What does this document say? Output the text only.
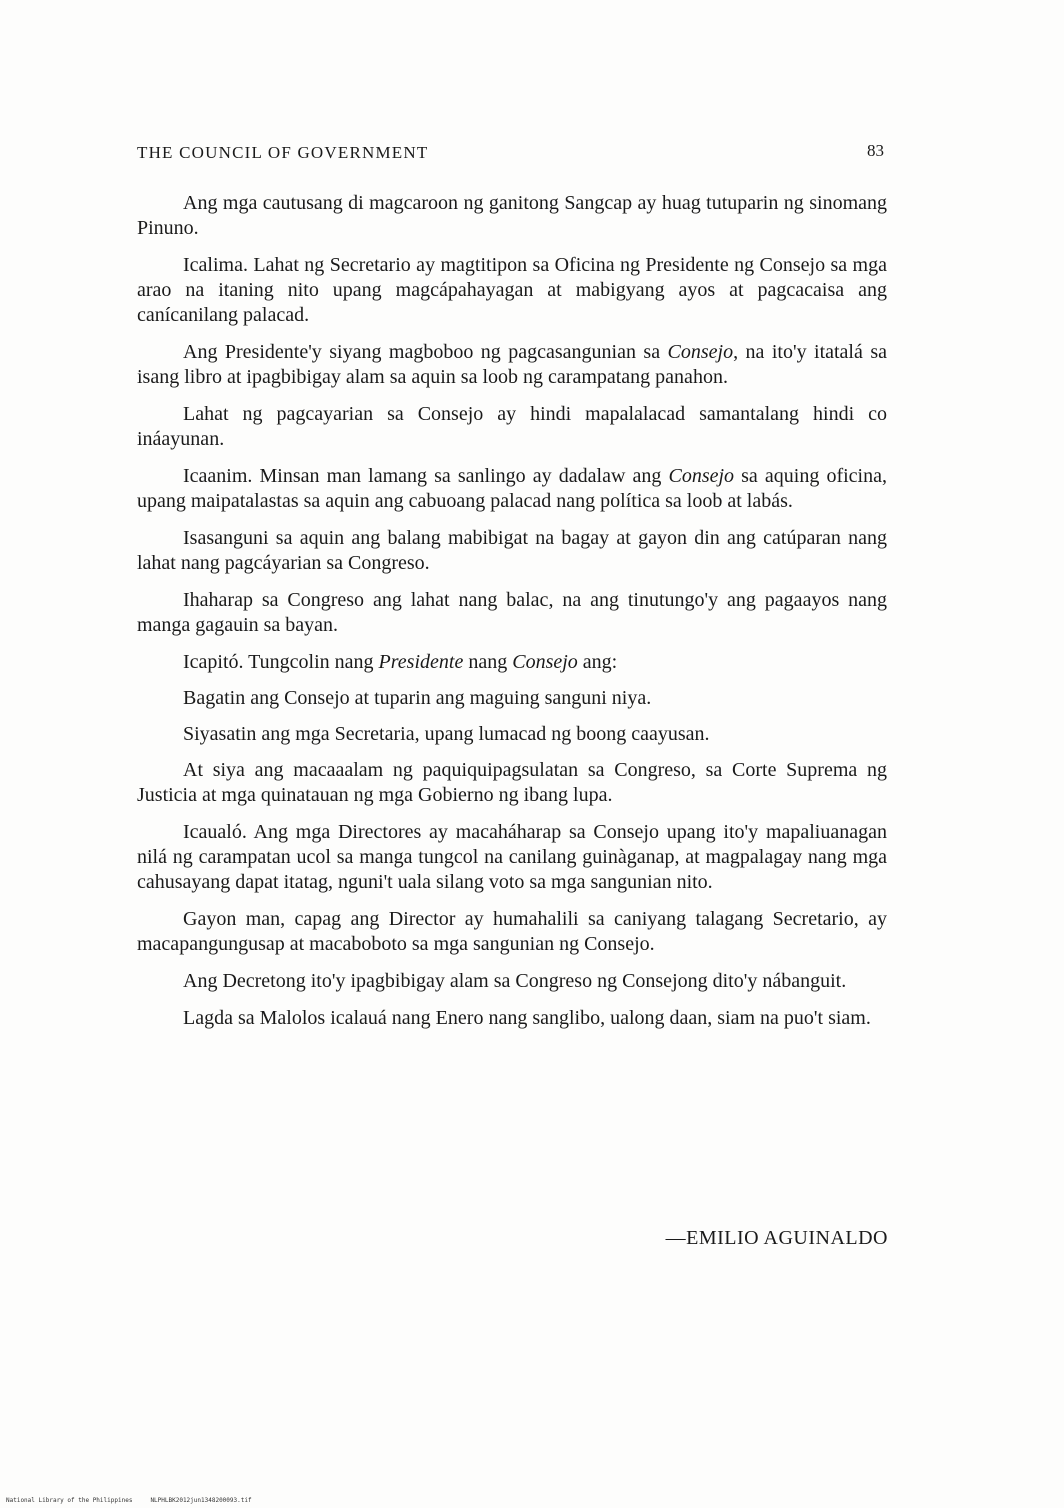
THE COUNCIL OF GOVERNMENT	83

Ang mga cautusang di magcaroon ng ganitong Sangcap ay huag tutuparin ng sinomang Pinuno.

Icalima. Lahat ng Secretario ay magtitipon sa Oficina ng Presidente ng Consejo sa mga arao na itaning nito upang magcápahayagan at mabigyang ayos at pagcacaisa ang canícanilang palacad.

Ang Presidente'y siyang magboboo ng pagcasangunian sa Consejo, na ito'y itatalá sa isang libro at ipagbibigay alam sa aquin sa loob ng carampatang panahon.

Lahat ng pagcayarian sa Consejo ay hindi mapalalacad samantalang hindi co ináayunan.

Icaanim. Minsan man lamang sa sanlingo ay dadalaw ang Consejo sa aquing oficina, upang maipatalastas sa aquin ang cabuoang palacad nang política sa loob at labás.

Isasanguni sa aquin ang balang mabibigat na bagay at gayon din ang catúparan nang lahat nang pagcáyarian sa Congreso.

Ihaharap sa Congreso ang lahat nang balac, na ang tinutungo'y ang pagaayos nang manga gagauin sa bayan.

Icapitó. Tungcolin nang Presidente nang Consejo ang:

Bagatin ang Consejo at tuparin ang maguing sanguni niya.

Siyasatin ang mga Secretaria, upang lumacad ng boong caayusan.

At siya ang macaaalam ng paquiquipagsulatan sa Congreso, sa Corte Suprema ng Justicia at mga quinatauan ng mga Gobierno ng ibang lupa.

Icaualó. Ang mga Directores ay macaháharap sa Consejo upang ito'y mapaliuanagan nilá ng carampatan ucol sa manga tungcol na canilang guinàganap, at magpalagay nang mga cahusayang dapat itatag, nguni't uala silang voto sa mga sangunian nito.

Gayon man, capag ang Director ay humahalili sa caniyang talagang Secretario, ay macapangungusap at macaboboto sa mga sangunian ng Consejo.

Ang Decretong ito'y ipagbibigay alam sa Congreso ng Consejong dito'y nábanguit.

Lagda sa Malolos icalauá nang Enero nang sanglibo, ualong daan, siam na puo't siam.

—EMILIO AGUINALDO
National Library of the Philippines	NLPHLBK2012jun1348200093.tif
